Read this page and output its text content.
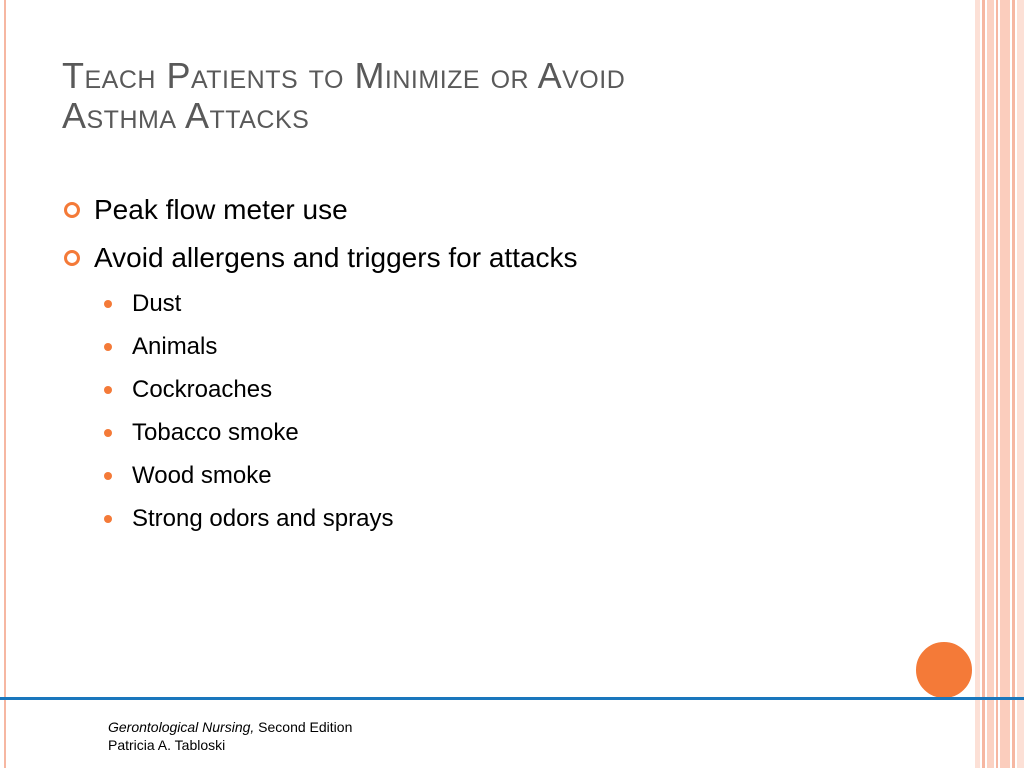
Teach Patients to Minimize or Avoid
Asthma Attacks
Peak flow meter use
Avoid allergens and triggers for attacks
Dust
Animals
Cockroaches
Tobacco smoke
Wood smoke
Strong odors and sprays
Gerontological Nursing, Second Edition
Patricia A. Tabloski
